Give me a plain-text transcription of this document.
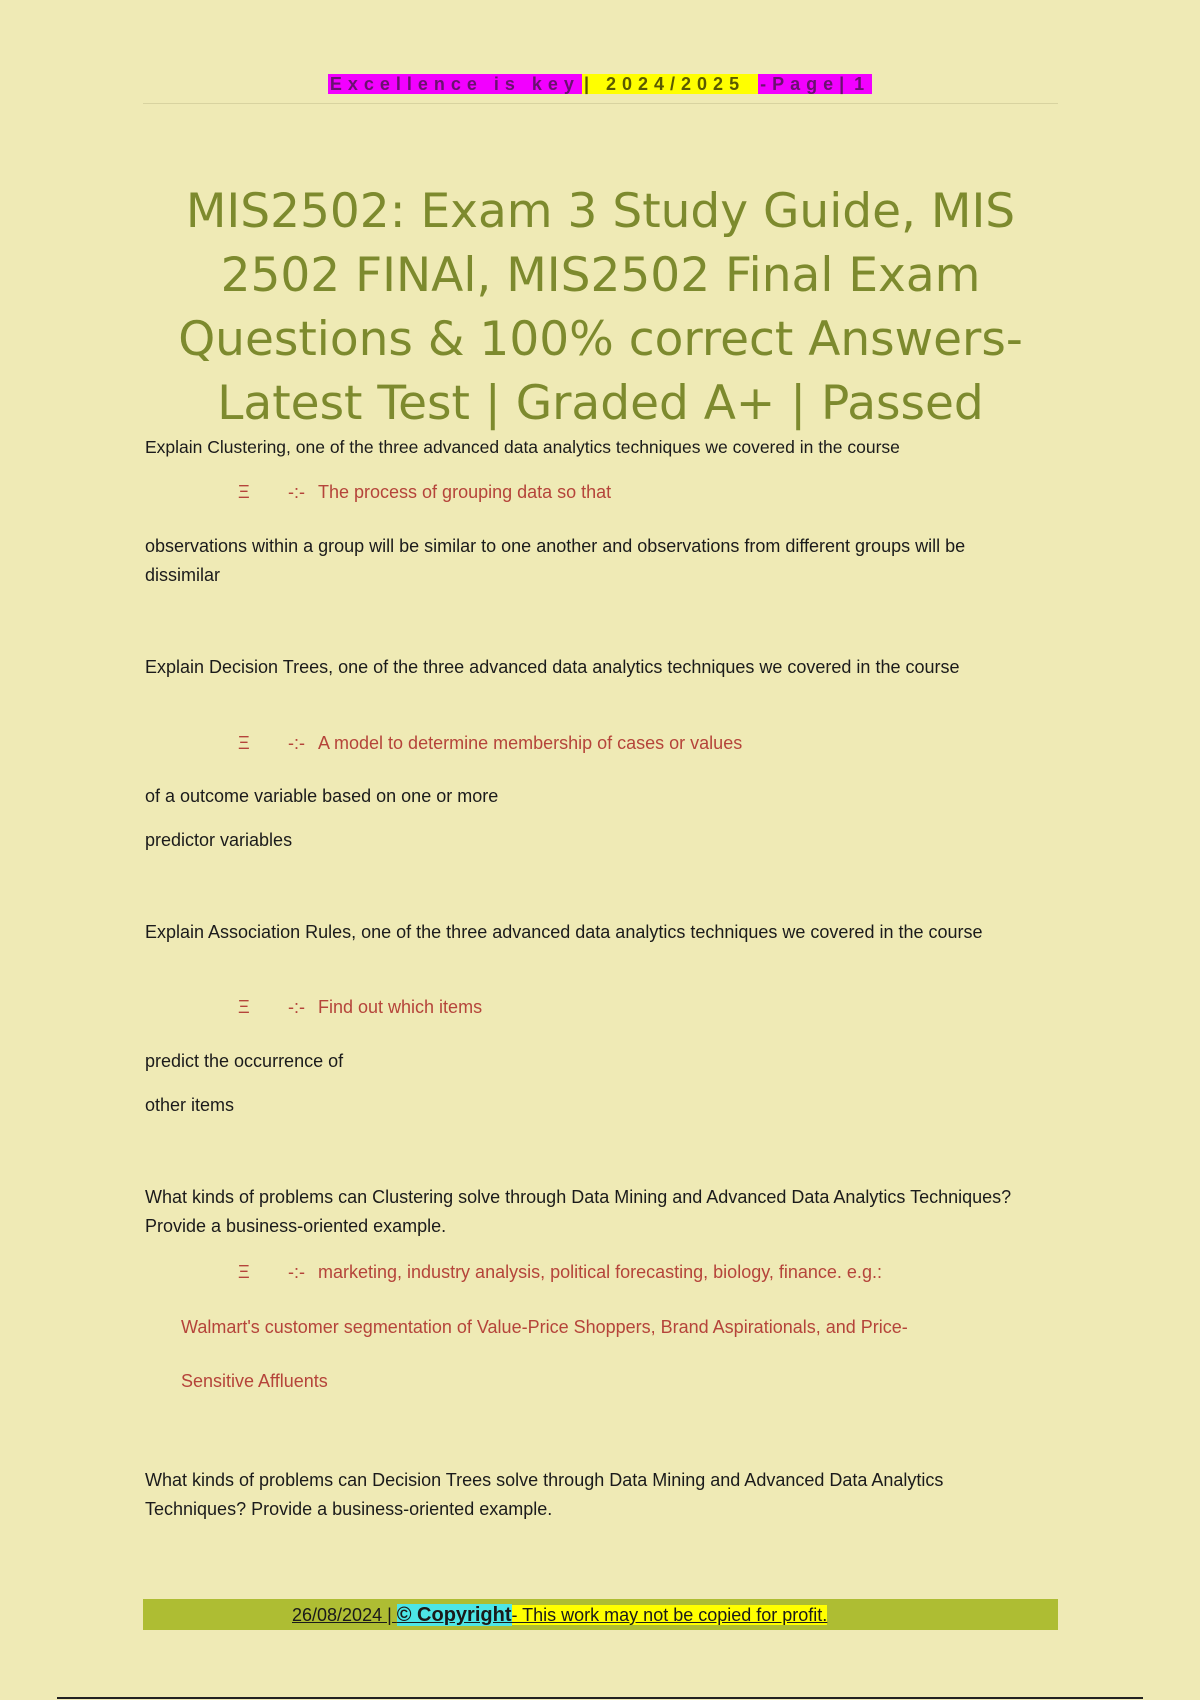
Excellence is key | 2024/2025 -Page| 1
MIS2502: Exam 3 Study Guide, MIS 2502 FINAl, MIS2502 Final Exam Questions & 100% correct Answers- Latest Test | Graded A+ | Passed
Explain Clustering, one of the three advanced data analytics techniques we covered in the course
Ξ -:- The process of grouping data so that
observations within a group will be similar to one another and observations from different groups will be dissimilar
Explain Decision Trees, one of the three advanced data analytics techniques we covered in the course
Ξ -:- A model to determine membership of cases or values
of a outcome variable based on one or more
predictor variables
Explain Association Rules, one of the three advanced data analytics techniques we covered in the course
Ξ -:- Find out which items
predict the occurrence of
other items
What kinds of problems can Clustering solve through Data Mining and Advanced Data Analytics Techniques? Provide a business-oriented example.
Ξ -:- marketing, industry analysis, political forecasting, biology, finance. e.g.:
Walmart's customer segmentation of Value-Price Shoppers, Brand Aspirationals, and Price-
Sensitive Affluents
What kinds of problems can Decision Trees solve through Data Mining and Advanced Data Analytics Techniques? Provide a business-oriented example.
26/08/2024 | © Copyright- This work may not be copied for profit.
